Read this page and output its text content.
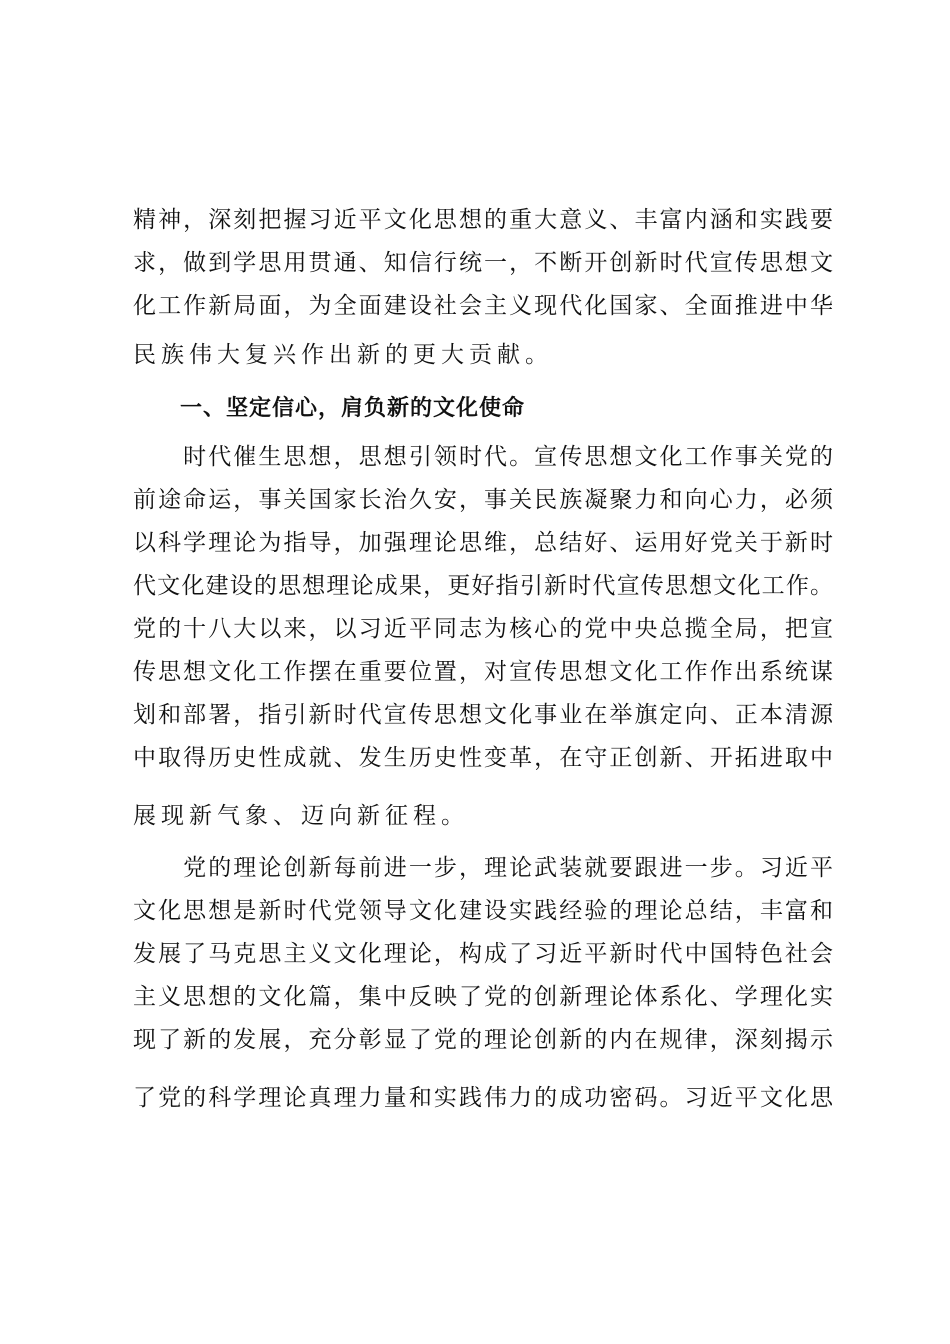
精神，深刻把握习近平文化思想的重大意义、丰富内涵和实践要
求，做到学思用贯通、知信行统一，不断开创新时代宣传思想文
化工作新局面，为全面建设社会主义现代化国家、全面推进中华
民族伟大复兴作出新的更大贡献。
一、坚定信心，肩负新的文化使命
　　时代催生思想，思想引领时代。宣传思想文化工作事关党的
前途命运，事关国家长治久安，事关民族凝聚力和向心力，必须
以科学理论为指导，加强理论思维，总结好、运用好党关于新时
代文化建设的思想理论成果，更好指引新时代宣传思想文化工作。
党的十八大以来，以习近平同志为核心的党中央总揽全局，把宣
传思想文化工作摆在重要位置，对宣传思想文化工作作出系统谋
划和部署，指引新时代宣传思想文化事业在举旗定向、正本清源
中取得历史性成就、发生历史性变革，在守正创新、开拓进取中
展现新气象、迈向新征程。
　　党的理论创新每前进一步，理论武装就要跟进一步。习近平
文化思想是新时代党领导文化建设实践经验的理论总结，丰富和
发展了马克思主义文化理论，构成了习近平新时代中国特色社会
主义思想的文化篇，集中反映了党的创新理论体系化、学理化实
现了新的发展，充分彰显了党的理论创新的内在规律，深刻揭示
了党的科学理论真理力量和实践伟力的成功密码。习近平文化思
